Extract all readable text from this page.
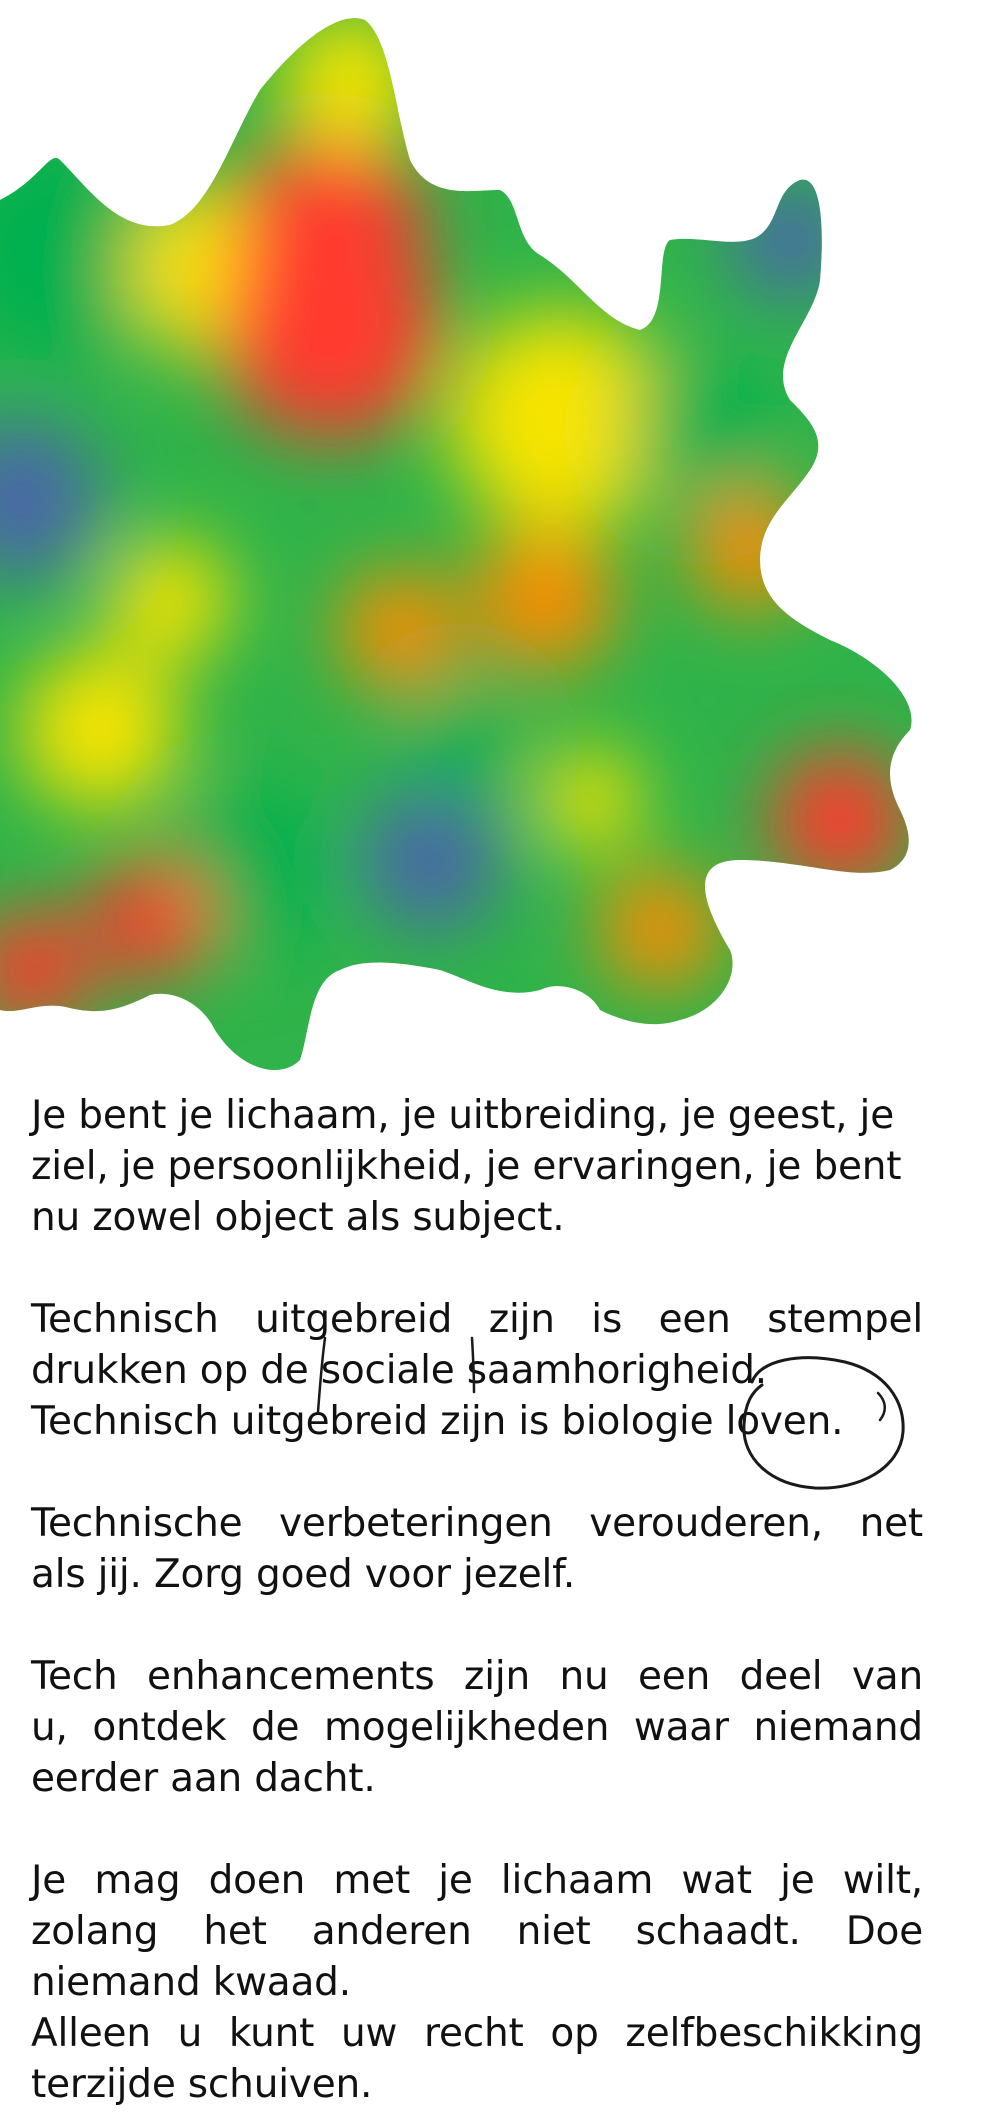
Je bent je lichaam, je uitbreiding, je geest, je
ziel, je persoonlijkheid, je ervaringen, je bent
nu zowel object als subject.
Technisch uitgebreid zijn is een stempel
drukken op de sociale saamhorigheid.
Technisch uitgebreid zijn is biologie loven.
Technische verbeteringen verouderen, net
als jij. Zorg goed voor jezelf.
Tech enhancements zijn nu een deel van
u, ontdek de mogelijkheden waar niemand
eerder aan dacht.
Je mag doen met je lichaam wat je wilt,
zolang het anderen niet schaadt. Doe
niemand kwaad.
Alleen u kunt uw recht op zelfbeschikking
terzijde schuiven.
